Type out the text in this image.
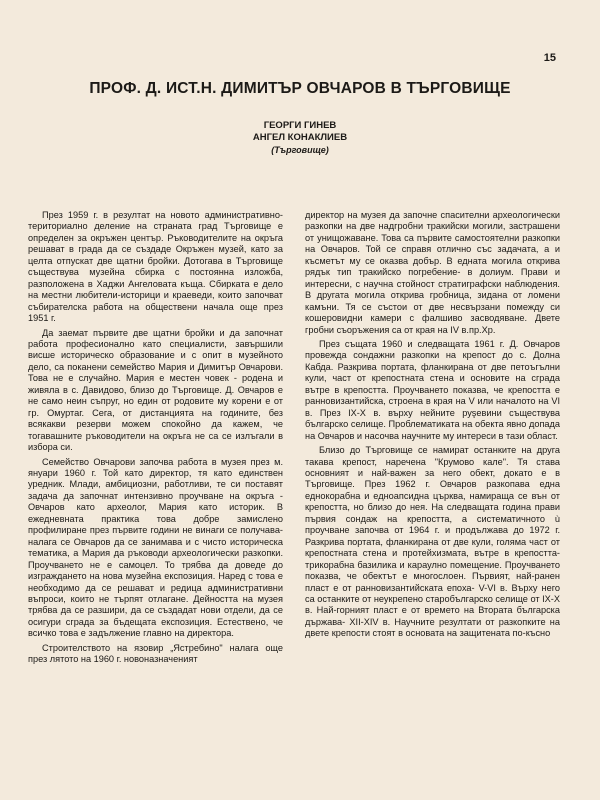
15
ПРОФ. Д. ИСТ.Н. ДИМИТЪР ОВЧАРОВ В ТЪРГОВИЩЕ
ГЕОРГИ ГИНЕВ
АНГЕЛ КОНАКЛИЕВ
(Търговище)

През 1959 г. в резултат на новото административно-териториално деление на страната град Търговище е определен за окръжен център. Ръководителите на окръга решават в града да се създаде Окръжен музей, като за целта отпускат две щатни бройки. Дотогава в Търговище съществува музейна сбирка с постоянна изложба, разположена в Хаджи Ангеловата къща. Сбирката е дело на местни любители-историци и краеведи, които започват събирателска работа на обществени начала още през 1951 г.

Да заемат първите две щатни бройки и да започнат работа професионално като специалисти, завършили висше историческо образование и с опит в музейното дело, са поканени семейство Мария и Димитър Овчарови. Това не е случайно. Мария е местен човек - родена и живяла в с. Давидово, близо до Търговище. Д. Овчаров е не само неин съпруг, но един от родовите му корени е от гр. Омуртаг. Сега, от дистанцията на годините, без всякакви резерви можем спокойно да кажем, че тогавашните ръководители на окръга не са се излъгали в избора си.

Семейство Овчарови започва работа в музея през м. януари 1960 г. Той като директор, тя като единствен уредник. Млади, амбициозни, работливи, те си поставят задача да започнат интензивно проучване на окръга - Овчаров като археолог, Мария като историк. В ежедневната практика това добре замислено профилиране през първите години не винаги се получава- налага се Овчаров да се занимава и с чисто историческа тематика, а Мария да ръководи археологически разкопки. Проучването не е самоцел. То трябва да доведе до изграждането на нова музейна експозиция. Наред с това е необходимо да се решават и редица административни въпроси, които не търпят отлагане. Дейността на музея трябва да се разшири, да се създадат нови отдели, да се осигури сграда за бъдещата експозиция. Естествено, че всичко това е задължение главно на директора.

Строителството на язовир „Ястребино" налага още през лятото на 1960 г. новоназначеният

директор на музея да започне спасителни археологически разкопки на две надгробни тракийски могили, застрашени от унищожаване. Това са първите самостоятелни разкопки на Овчаров. Той се справя отлично със задачата, а и късметът му се оказва добър. В едната могила открива рядък тип тракийско погребение- в долиум. Прави и интересни, с научна стойност стратиграфски наблюдения. В другата могила открива гробница, зидана от ломени камъни. Тя се състои от две несвързани помежду си кошеровидни камери с фалшиво засводяване. Двете гробни съоръжения са от края на IV в.пр.Хр.

През същата 1960 и следващата 1961 г. Д. Овчаров провежда сондажни разкопки на крепост до с. Долна Кабда. Разкрива портата, фланкирана от две петоъгълни кули, част от крепостната стена и основите на сграда вътре в крепостта. Проучването показва, че крепостта е ранновизантийска, строена в края на V или началото на VI в. През IX-X в. върху нейните руşевини съществува българско селище. Проблематиката на обекта явно допада на Овчаров и насочва научните му интереси в тази област.

Близо до Търговище се намират останките на друга такава крепост, наречена "Крумово кале". Тя става основният и най-важен за него обект, докато е в Търговище. През 1962 г. Овчаров разкопава една еднокорабна и едноапсидна църква, намираща се вън от крепостта, но близо до нея. На следващата година прави първия сондаж на крепостта, а систематичното ù проучване започва от 1964 г. и продължава до 1972 г. Разкрива портата, фланкирана от две кули, голяма част от крепостната стена и протейхизмата, вътре в крепостта- трикорабна базилика и караулно помещение. Проучването показва, че обектът е многослоен. Първият, най-ранен пласт е от ранновизантийската епоха- V-VI в. Върху него са останките от неукрепено старобългарско селище от IX-X в. Най-горният пласт е от времето на Втората българска държава- XII-XIV в. Научните резултати от разкопките на двете крепости стоят в основата на защитената по-късно
